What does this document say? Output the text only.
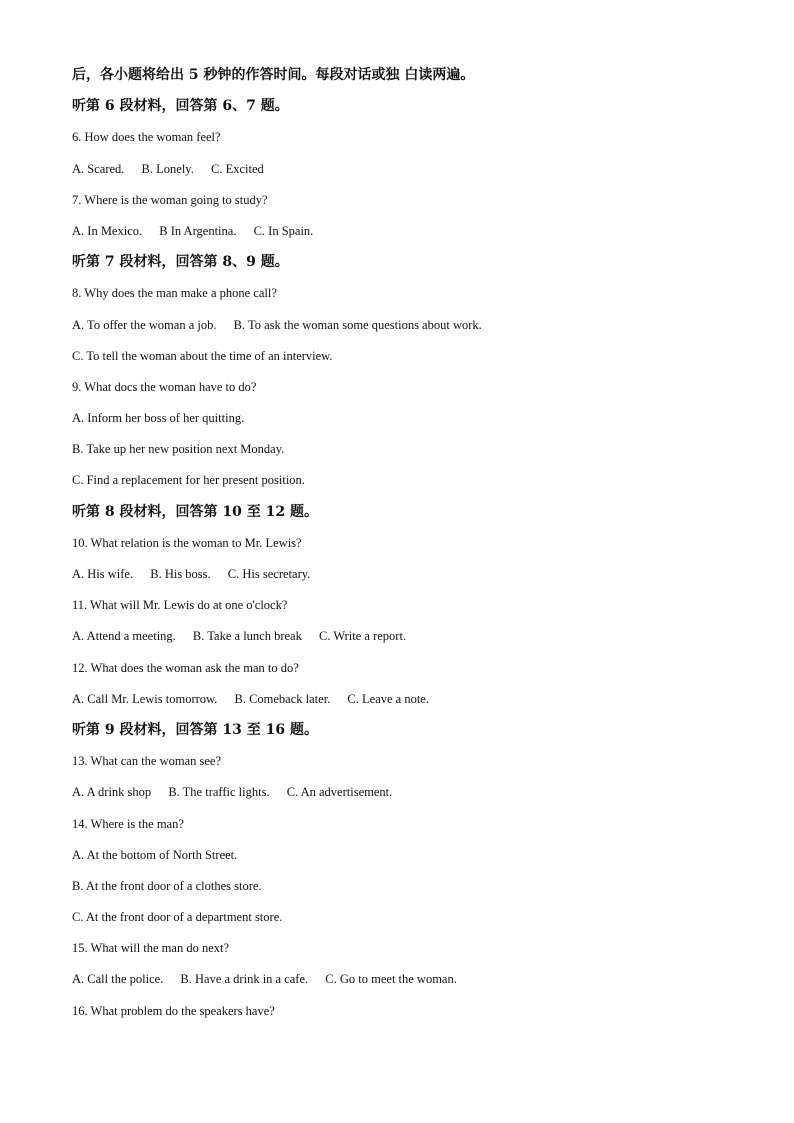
后，各小题将给出 5 秒钟的作答时间。每段对话或独 白读两遍。
听第 6 段材料，回答第 6、7 题。
6. How does the woman feel?
A. Scared. B. Lonely. C. Excited
7. Where is the woman going to study?
A. In Mexico. B In Argentina. C. In Spain.
听第 7 段材料，回答第 8、9 题。
8. Why does the man make a phone call?
A. To offer the woman a job. B. To ask the woman some questions about work.
C. To tell the woman about the time of an interview.
9. What docs the woman have to do?
A. Inform her boss of her quitting.
B. Take up her new position next Monday.
C. Find a replacement for her present position.
听第 8 段材料，回答第 10 至 12 题。
10. What relation is the woman to Mr. Lewis?
A. His wife. B. His boss. C. His secretary.
11. What will Mr. Lewis do at one o'clock?
A. Attend a meeting. B. Take a lunch break C. Write a report.
12. What does the woman ask the man to do?
A. Call Mr. Lewis tomorrow. B. Comeback later. C. Leave a note.
听第 9 段材料，回答第 13 至 16 题。
13. What can the woman see?
A. A drink shop B. The traffic lights. C. An advertisement.
14. Where is the man?
A. At the bottom of North Street.
B. At the front door of a clothes store.
C. At the front door of a department store.
15. What will the man do next?
A. Call the police. B. Have a drink in a cafe. C. Go to meet the woman.
16. What problem do the speakers have?
